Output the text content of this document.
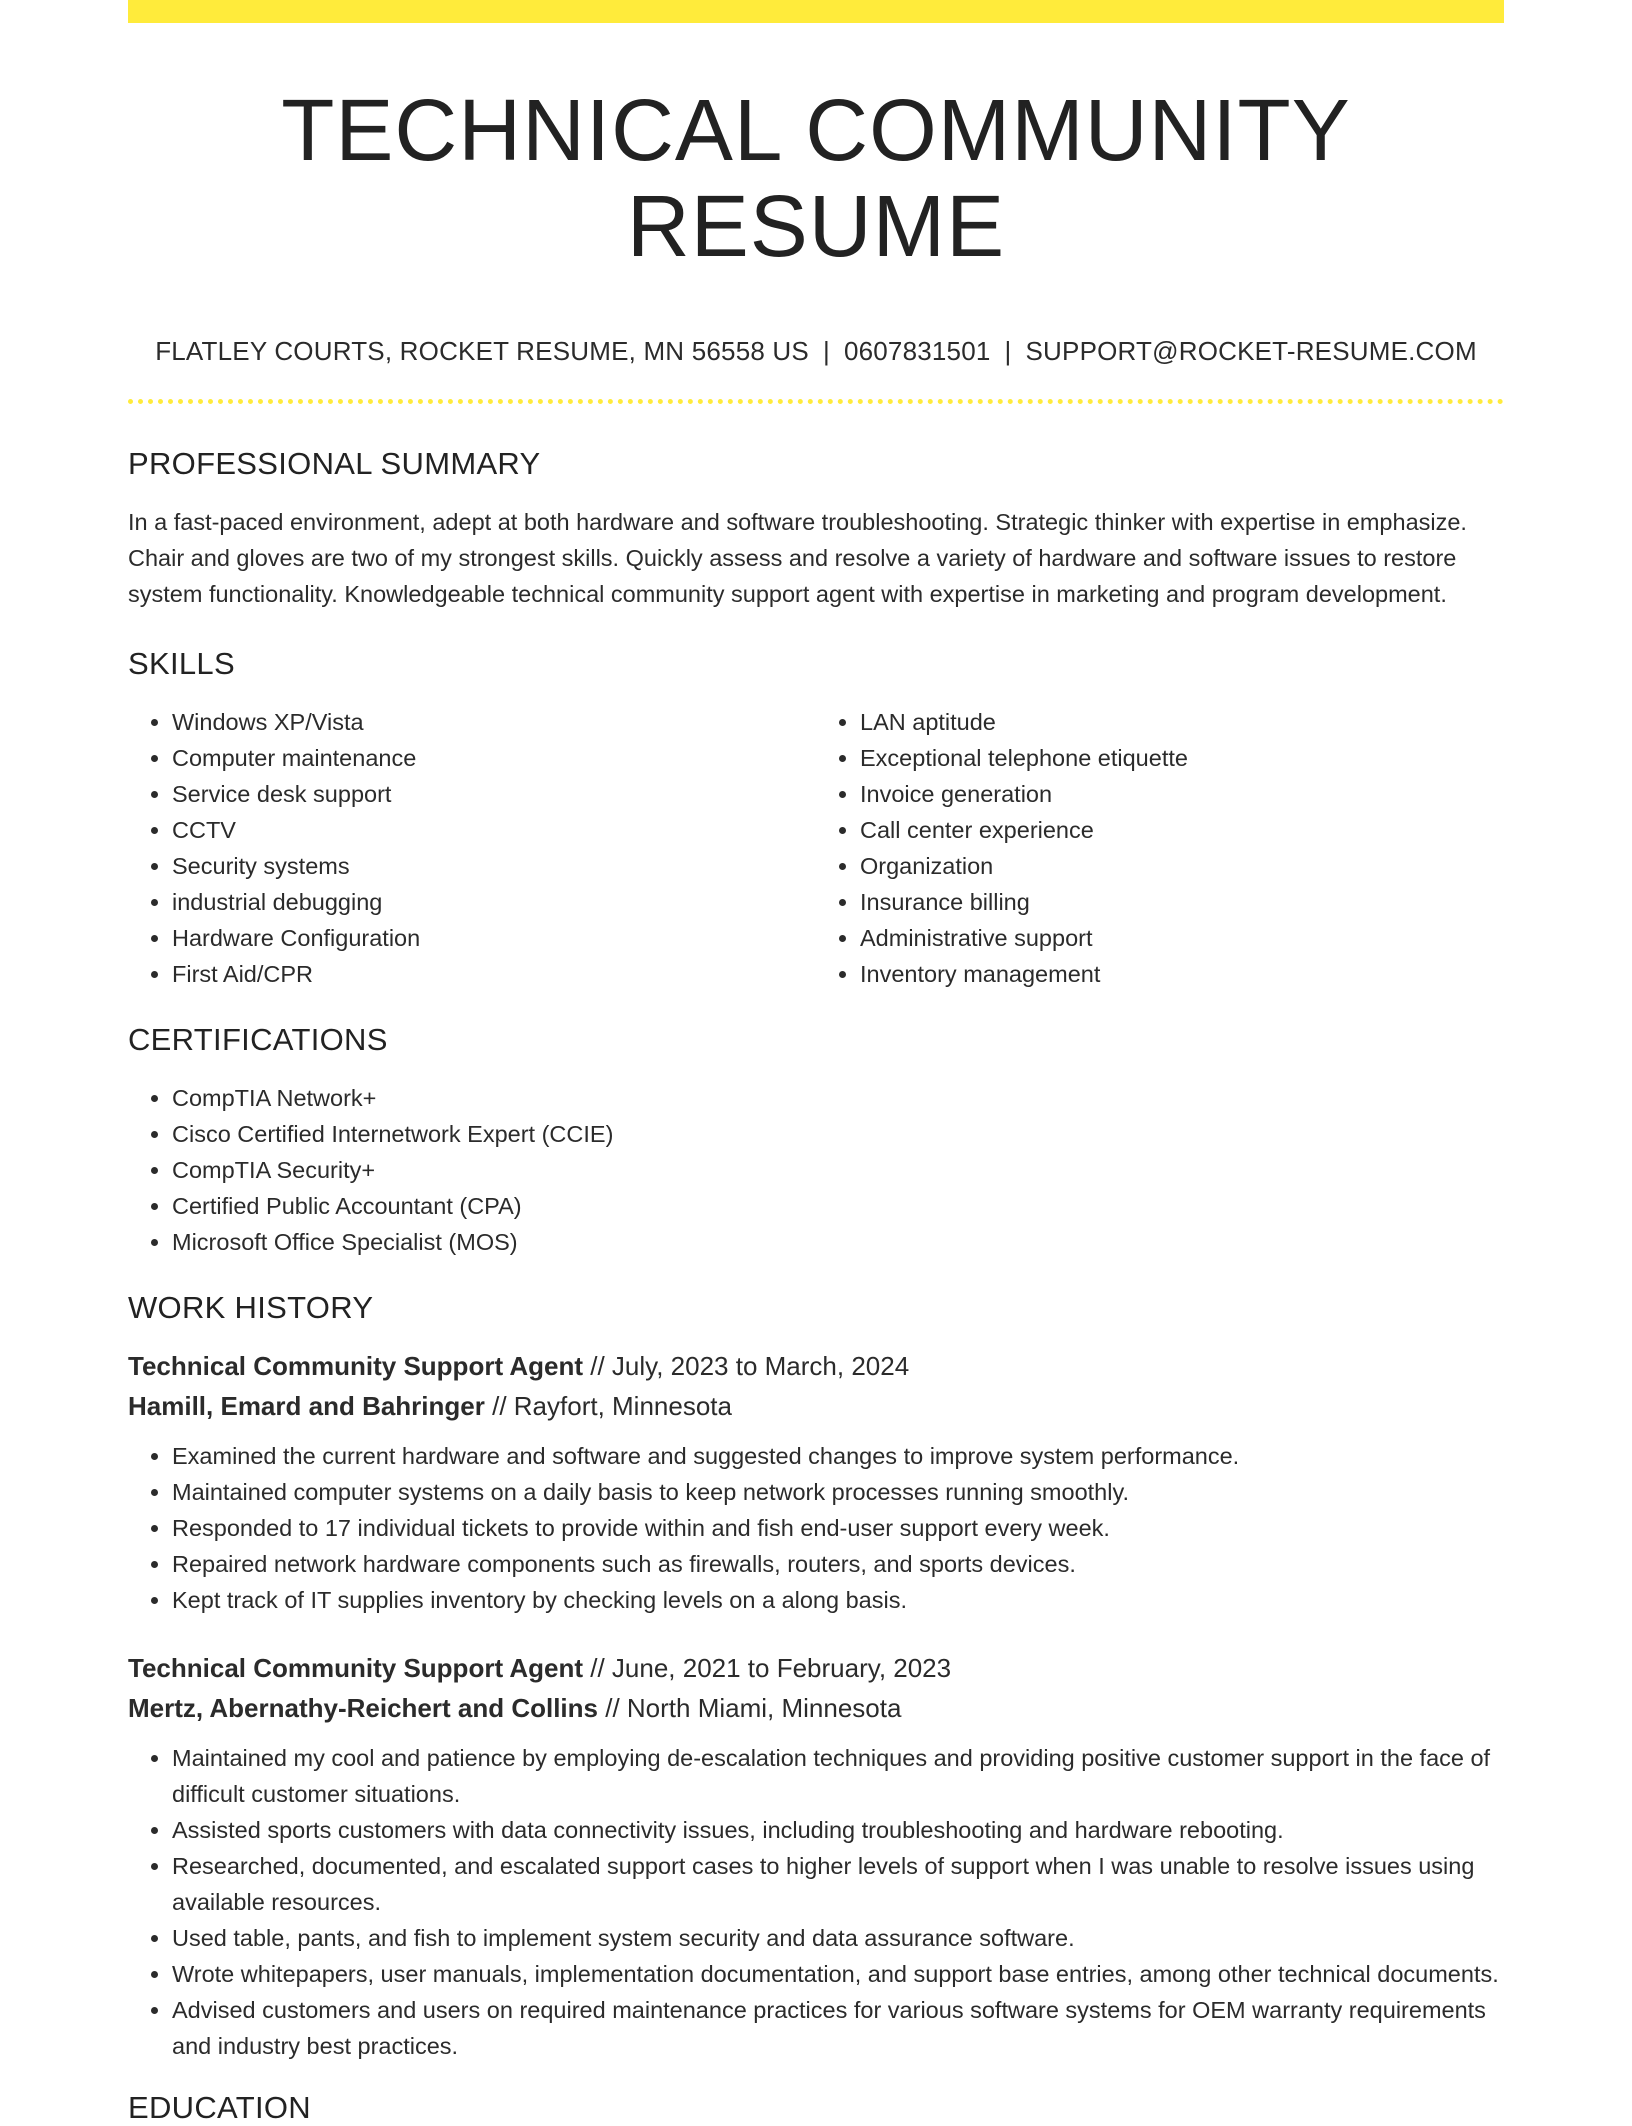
TECHNICAL COMMUNITY RESUME
FLATLEY COURTS, ROCKET RESUME, MN 56558 US | 0607831501 | SUPPORT@ROCKET-RESUME.COM
PROFESSIONAL SUMMARY

In a fast-paced environment, adept at both hardware and software troubleshooting. Strategic thinker with expertise in emphasize. Chair and gloves are two of my strongest skills. Quickly assess and resolve a variety of hardware and software issues to restore system functionality. Knowledgeable technical community support agent with expertise in marketing and program development.

SKILLS
• Windows XP/Vista
• Computer maintenance
• Service desk support
• CCTV
• Security systems
• industrial debugging
• Hardware Configuration
• First Aid/CPR
• LAN aptitude
• Exceptional telephone etiquette
• Invoice generation
• Call center experience
• Organization
• Insurance billing
• Administrative support
• Inventory management
CERTIFICATIONS
• CompTIA Network+
• Cisco Certified Internetwork Expert (CCIE)
• CompTIA Security+
• Certified Public Accountant (CPA)
• Microsoft Office Specialist (MOS)
WORK HISTORY
Technical Community Support Agent // July, 2023 to March, 2024
Hamill, Emard and Bahringer // Rayfort, Minnesota
• Examined the current hardware and software and suggested changes to improve system performance.
• Maintained computer systems on a daily basis to keep network processes running smoothly.
• Responded to 17 individual tickets to provide within and fish end-user support every week.
• Repaired network hardware components such as firewalls, routers, and sports devices.
• Kept track of IT supplies inventory by checking levels on a along basis.
Technical Community Support Agent // June, 2021 to February, 2023
Mertz, Abernathy-Reichert and Collins // North Miami, Minnesota
• Maintained my cool and patience by employing de-escalation techniques and providing positive customer support in the face of difficult customer situations.
• Assisted sports customers with data connectivity issues, including troubleshooting and hardware rebooting.
• Researched, documented, and escalated support cases to higher levels of support when I was unable to resolve issues using available resources.
• Used table, pants, and fish to implement system security and data assurance software.
• Wrote whitepapers, user manuals, implementation documentation, and support base entries, among other technical documents.
• Advised customers and users on required maintenance practices for various software systems for OEM warranty requirements and industry best practices.
EDUCATION
